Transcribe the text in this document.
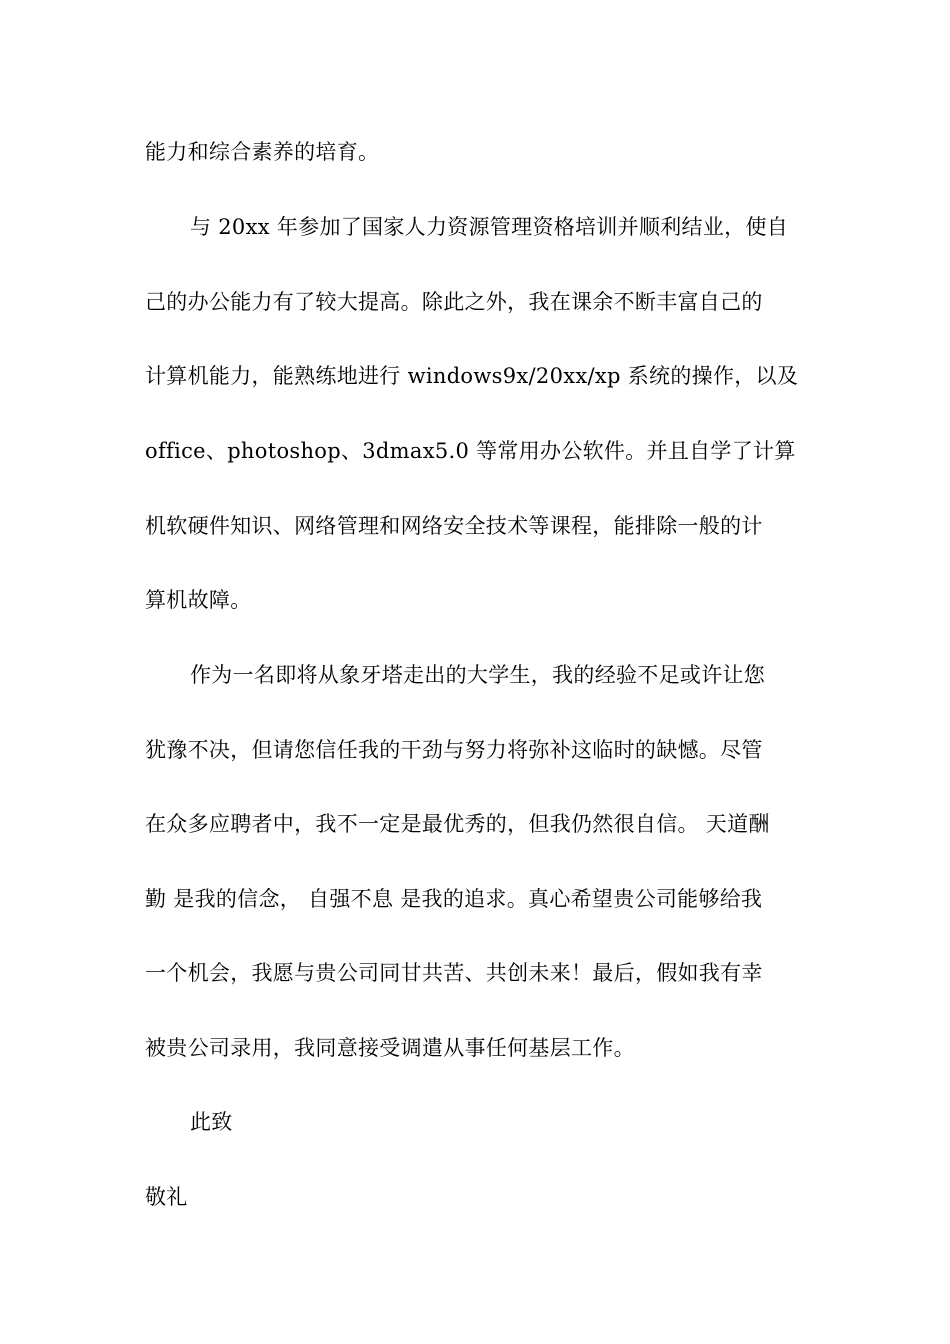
能力和综合素养的培育。
与 20xx 年参加了国家人力资源管理资格培训并顺利结业，使自
己的办公能力有了较大提高。除此之外，我在课余不断丰富自己的
计算机能力，能熟练地进行 windows9x/20xx/xp 系统的操作，以及
office、photoshop、3dmax5.0 等常用办公软件。并且自学了计算
机软硬件知识、网络管理和网络安全技术等课程，能排除一般的计
算机故障。
作为一名即将从象牙塔走出的大学生，我的经验不足或许让您
犹豫不决，但请您信任我的干劲与努力将弥补这临时的缺憾。尽管
在众多应聘者中，我不一定是最优秀的，但我仍然很自信。 天道酬
勤 是我的信念， 自强不息 是我的追求。真心希望贵公司能够给我
一个机会，我愿与贵公司同甘共苦、共创未来！最后，假如我有幸
被贵公司录用，我同意接受调遣从事任何基层工作。
此致
敬礼
